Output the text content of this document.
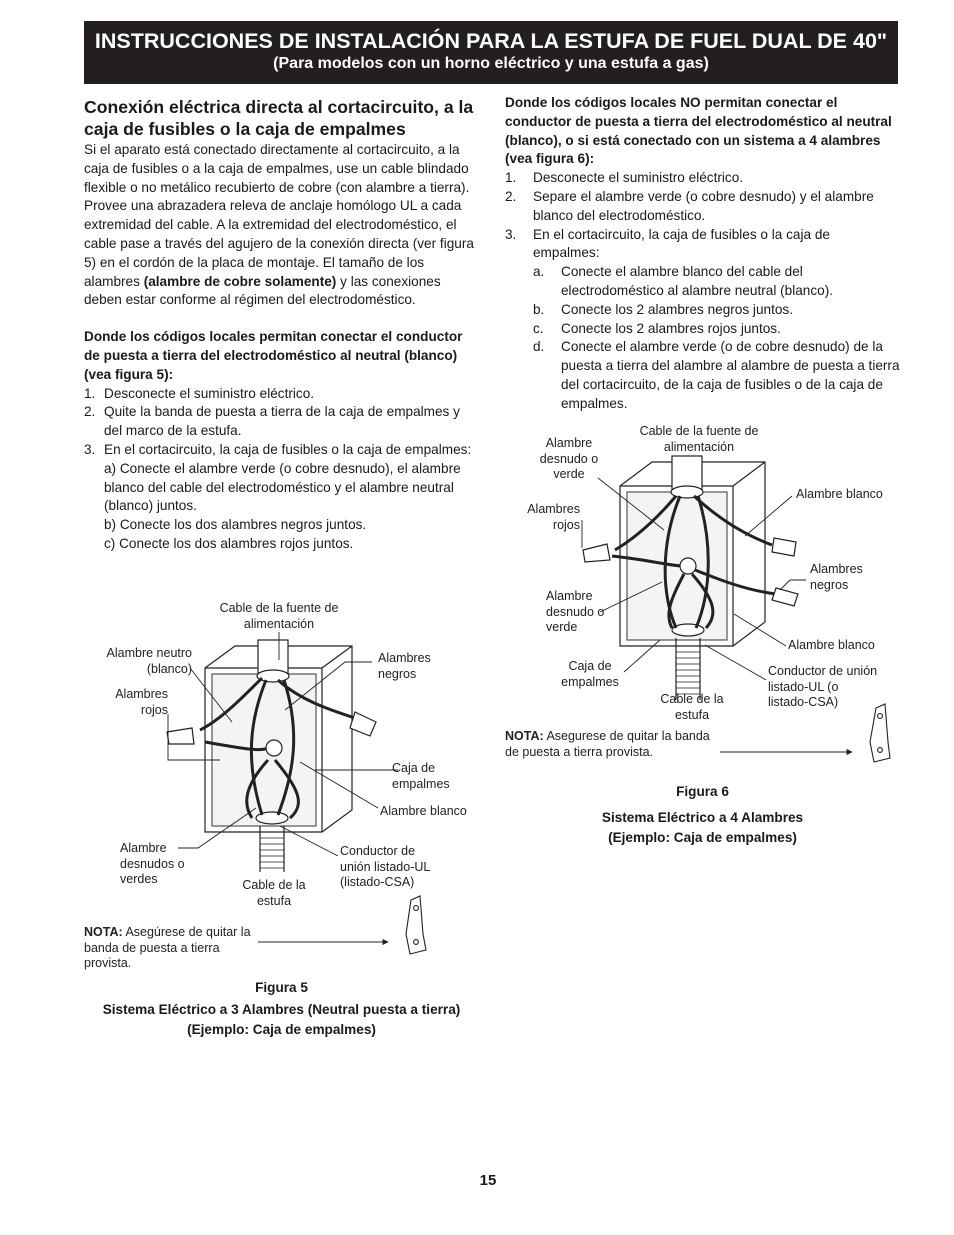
INSTRUCCIONES DE INSTALACIÓN PARA LA ESTUFA DE FUEL DUAL DE 40"
(Para modelos con un horno eléctrico y una estufa a gas)

Conexión eléctrica directa al cortacircuito, a la caja de fusibles o la caja de empalmes

Si el aparato está conectado directamente al cortacircuito, a la caja de fusibles o a la caja de empalmes, use un cable blindado flexible o no metálico recubierto de cobre (con alambre a tierra). Provee una abrazadera releva de anclaje homólogo UL a cada extremidad del cable. A la extremidad del electrodoméstico, el cable pase a través del agujero de la conexión directa (ver figura 5) en el cordón de la placa de montaje. El tamaño de los alambres (alambre de cobre solamente) y las conexiones deben estar conforme al régimen del electrodoméstico.

Donde los códigos locales permitan conectar el conductor de puesta a tierra del electrodoméstico al neutral (blanco) (vea figura 5):

1. Desconecte el suministro eléctrico.
2. Quite la banda de puesta a tierra de la caja de empalmes y del marco de la estufa.
3. En el cortacircuito, la caja de fusibles o la caja de empalmes:
a) Conecte el alambre verde (o cobre desnudo), el alambre blanco del cable del electrodoméstico y el alambre neutral (blanco) juntos.
b) Conecte los dos alambres negros juntos.
c) Conecte los dos alambres rojos juntos.

Donde los códigos locales NO permitan conectar el conductor de puesta a tierra del electrodoméstico al neutral (blanco), o si está conectado con un sistema a 4 alambres (vea figura 6):

1.	Desconecte el suministro eléctrico.
2.	Separe el alambre verde (o cobre desnudo) y el alambre blanco del electrodoméstico.
3.	En el cortacircuito, la caja de fusibles o la caja de empalmes:
a.	Conecte el alambre blanco del cable del electrodoméstico al alambre neutral (blanco).
b.	Conecte los 2 alambres negros juntos.
c.	Conecte los 2 alambres rojos juntos.
d.	Conecte el alambre verde (o de cobre desnudo) de la puesta a tierra del alambre al alambre de puesta a tierra del cortacircuito, de la caja de fusibles o de la caja de empalmes.
Cable de la fuente de alimentación
Alambre neutro (blanco)
Alambres rojos
Alambres negros
Caja de empalmes
Alambre blanco
Alambre desnudos o verdes	Cable de la estufa
Conductor de unión listado-UL (listado-CSA)
NOTA: Asegúrese de quitar la banda de puesta a tierra provista.
Figura 5
Sistema Eléctrico a 3 Alambres (Neutral puesta a tierra)
(Ejemplo: Caja de empalmes)
Alambre desnudo o verde
Cable de la fuente de alimentación
Alambre blanco
Alambres rojos
Alambres negros
Alambre desnudo o verde
Alambre blanco
Caja de empalmes
Cable de la estufa
Conductor de unión listado-UL (o listado-CSA)
NOTA: Asegurese de quitar la banda de puesta a tierra provista.
Figura 6
Sistema Eléctrico a 4 Alambres
(Ejemplo: Caja de empalmes)
15
